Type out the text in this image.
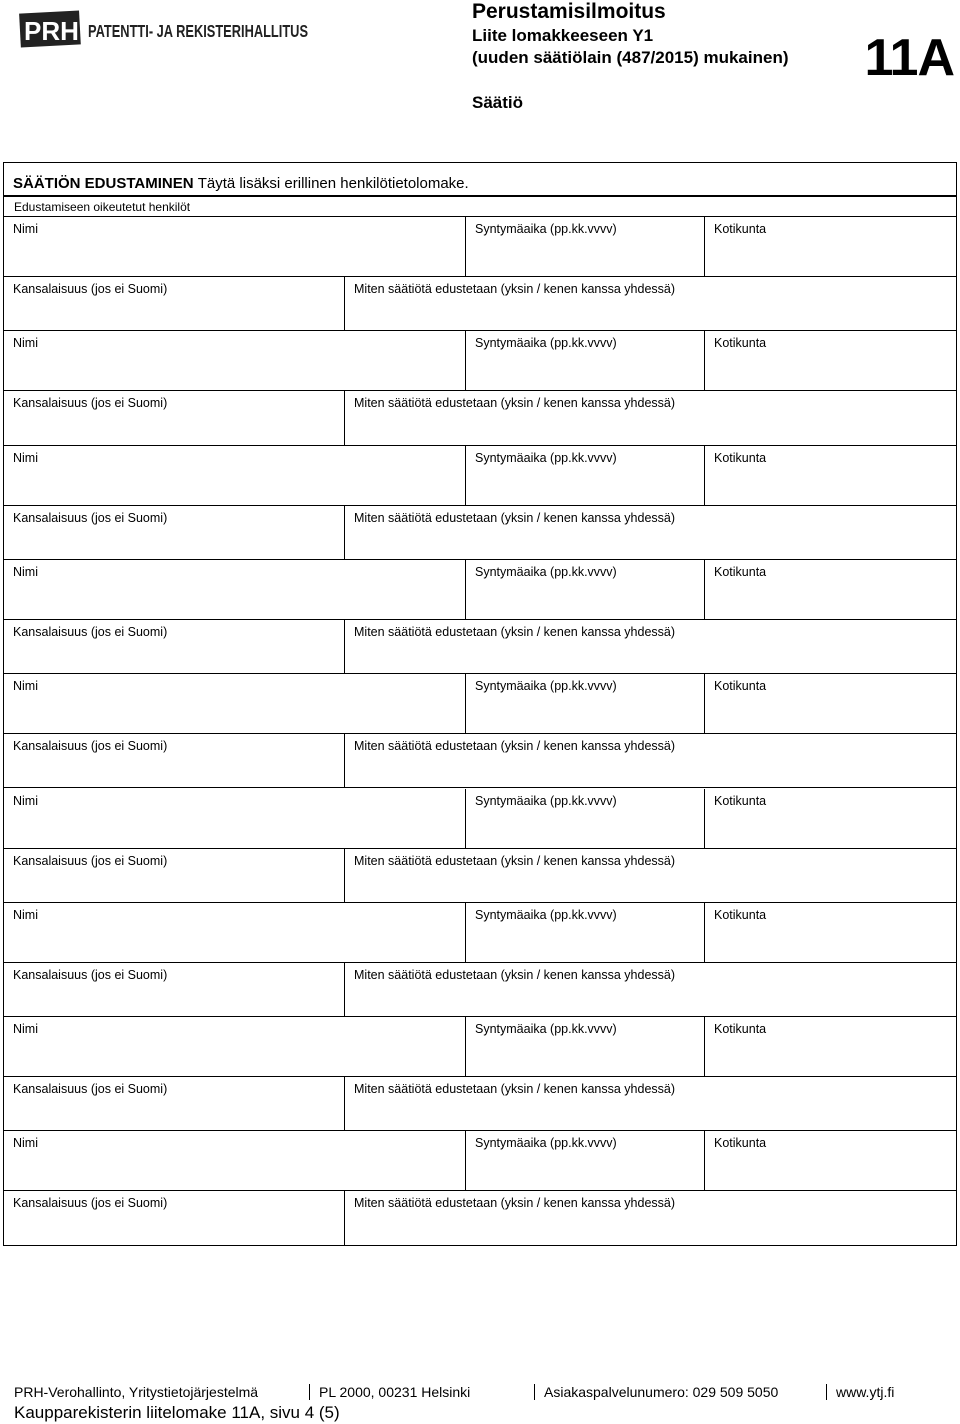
PRH PATENTTI- JA REKISTERIHALLITUS
Perustamisilmoitus
Liite lomakkeeseen Y1
(uuden säätiölain (487/2015) mukainen)
Säätiö
11A
SÄÄTIÖN EDUSTAMINEN Täytä lisäksi erillinen henkilötietolomake.
Edustamiseen oikeutetut henkilöt
Nimi	Syntymäaika (pp.kk.vvvv)	Kotikunta
Kansalaisuus (jos ei Suomi)	Miten säätiötä edustetaan (yksin / kenen kanssa yhdessä)
Nimi	Syntymäaika (pp.kk.vvvv)	Kotikunta
Kansalaisuus (jos ei Suomi)	Miten säätiötä edustetaan (yksin / kenen kanssa yhdessä)
Nimi	Syntymäaika (pp.kk.vvvv)	Kotikunta
Kansalaisuus (jos ei Suomi)	Miten säätiötä edustetaan (yksin / kenen kanssa yhdessä)
Nimi	Syntymäaika (pp.kk.vvvv)	Kotikunta
Kansalaisuus (jos ei Suomi)	Miten säätiötä edustetaan (yksin / kenen kanssa yhdessä)
Nimi	Syntymäaika (pp.kk.vvvv)	Kotikunta
Kansalaisuus (jos ei Suomi)	Miten säätiötä edustetaan (yksin / kenen kanssa yhdessä)
Nimi	Syntymäaika (pp.kk.vvvv)	Kotikunta
Kansalaisuus (jos ei Suomi)	Miten säätiötä edustetaan (yksin / kenen kanssa yhdessä)
Nimi	Syntymäaika (pp.kk.vvvv)	Kotikunta
Kansalaisuus (jos ei Suomi)	Miten säätiötä edustetaan (yksin / kenen kanssa yhdessä)
Nimi	Syntymäaika (pp.kk.vvvv)	Kotikunta
Kansalaisuus (jos ei Suomi)	Miten säätiötä edustetaan (yksin / kenen kanssa yhdessä)
Nimi	Syntymäaika (pp.kk.vvvv)	Kotikunta
Kansalaisuus (jos ei Suomi)	Miten säätiötä edustetaan (yksin / kenen kanssa yhdessä)
PRH-Verohallinto, Yritystietojärjestelmä	PL 2000, 00231 Helsinki	Asiakaspalvelunumero: 029 509 5050	www.ytj.fi
Kaupparekisterin liitelomake 11A, sivu 4 (5)
